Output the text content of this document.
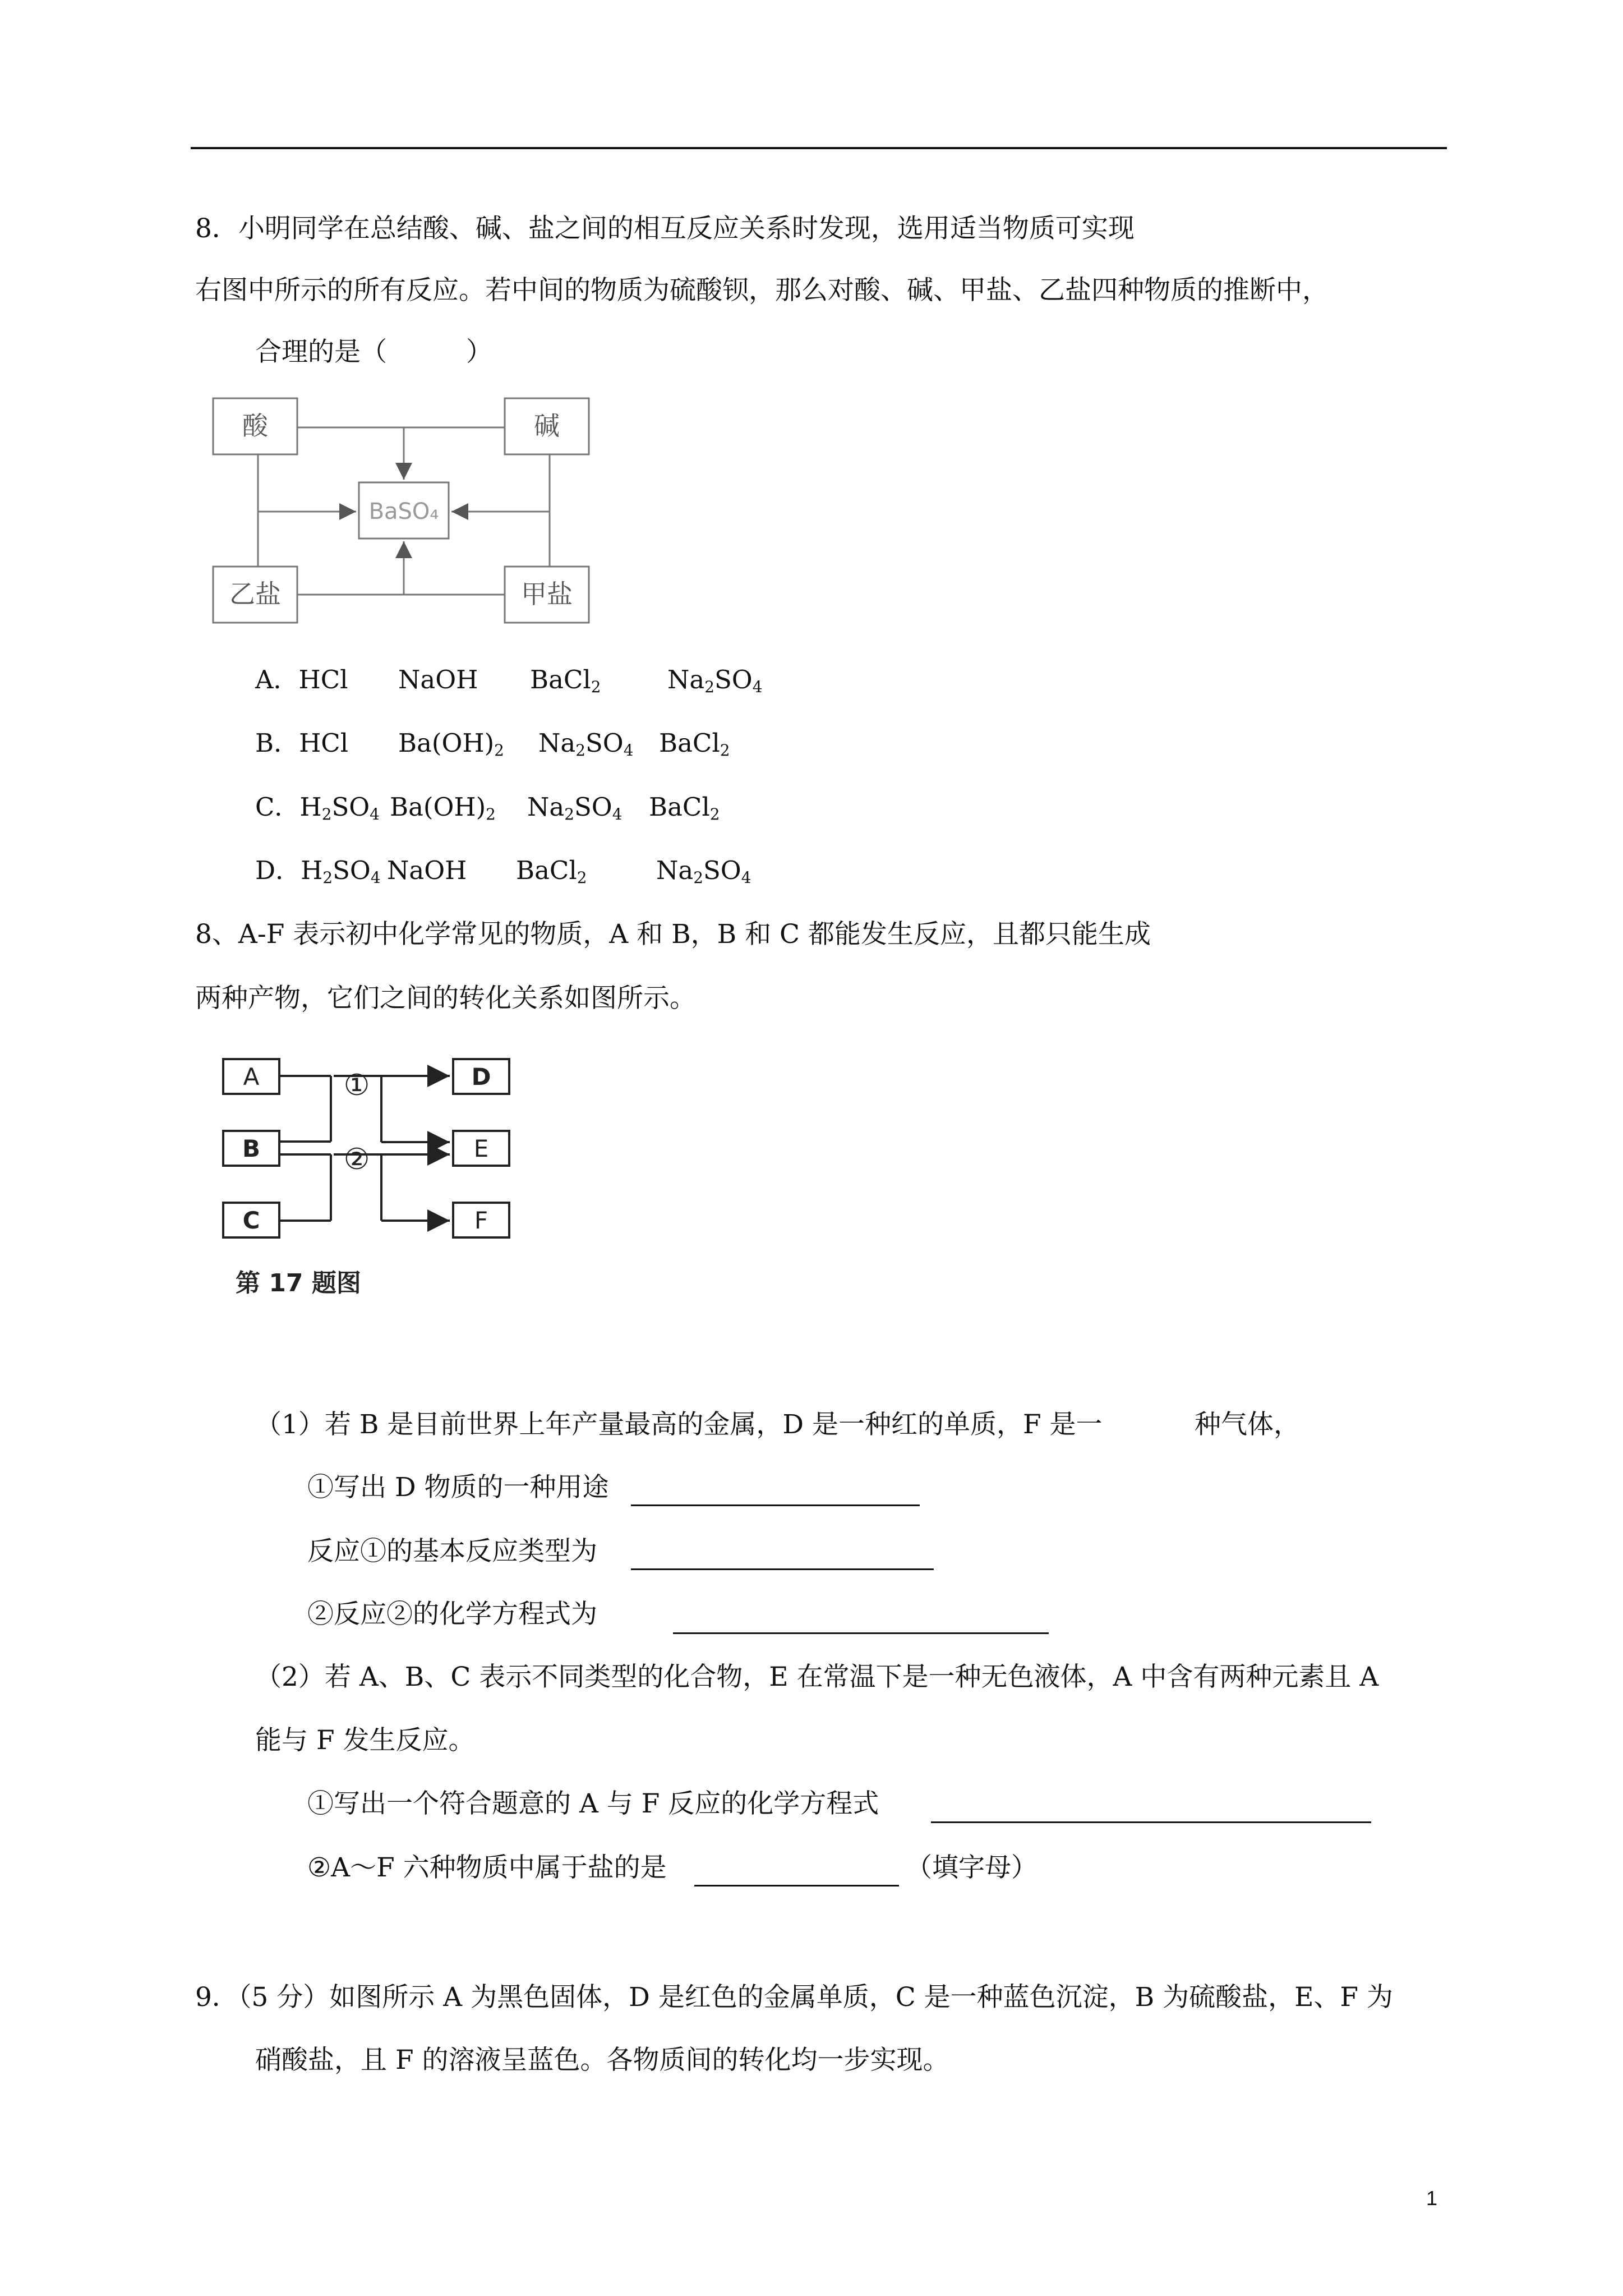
8．小明同学在总结酸、碱、盐之间的相互反应关系时发现，选用适当物质可实现
右图中所示的所有反应。若中间的物质为硫酸钡，那么对酸、碱、甲盐、乙盐四种物质的推断中，
合理的是（　　　）
酸	碱
乙盐	甲盐
BaSO₄
A．HCl NaOH BaCl$_2$	$Na_2SO_4$
B．HCl $Ba(OH)_2$ $Na_2SO_4$ BaCl$_2$
C．$H_2SO_4$ $Ba(OH)_2$ $Na_2SO_4$ BaCl$_2$
D．$H_2SO_4$ NaOH BaCl$_2$	$Na_2SO_4$
8、A-F 表示初中化学常见的物质，A 和 B，B 和 C 都能发生反应，且都只能生成
两种产物，它们之间的转化关系如图所示。
A
B
C
D
E
F
①
②
第 17 题图
（1）若 B 是目前世界上年产量最高的金属，D 是一种红的单质，F 是一	种气体，
①写出 D 物质的一种用途
反应①的基本反应类型为
②反应②的化学方程式为
（2）若 A、B、C 表示不同类型的化合物，E 在常温下是一种无色液体，A 中含有两种元素且 A
能与 F 发生反应。
①写出一个符合题意的 A 与 F 反应的化学方程式
②A～F 六种物质中属于盐的是	（填字母）
9．（5 分）如图所示 A 为黑色固体，D 是红色的金属单质，C 是一种蓝色沉淀，B 为硫酸盐，E、F 为
硝酸盐，且 F 的溶液呈蓝色。各物质间的转化均一步实现。
1
